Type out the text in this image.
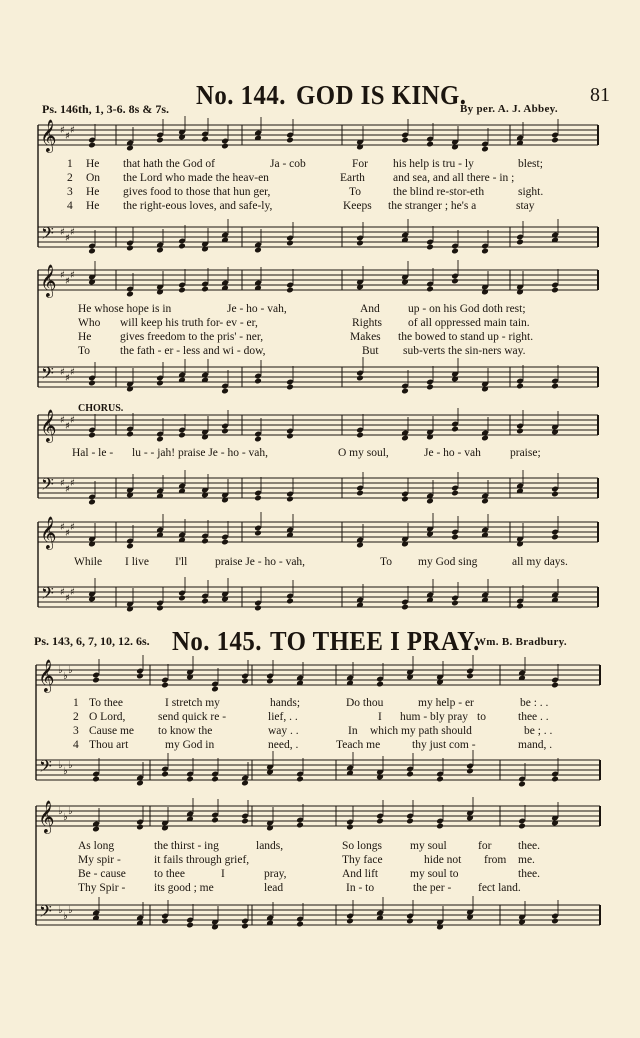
81
No. 144. GOD IS KING.
Ps. 146th, 1, 3-6. 8s & 7s.	By per. A. J. Abbey.
𝄞
𝄢
♯
♯
♯
♯
♯
♯
𝄞
𝄢
♯
♯
♯
♯
♯
♯
𝄞
𝄢
♯
♯
♯
♯
♯
♯
𝄞
𝄢
♯
♯
♯
♯
♯
♯
𝄞
𝄢
♭
♭
♭
♭
♭
♭
𝄞
𝄢
♭
♭
♭
♭
♭
♭
1
2
3
4
He that hath the God of	Ja - cob	For his help is tru - ly	blest;
On the Lord who made the heav-en	Earth and sea, and all there - in ;
He gives food to those that hun ger,	To	the blind re-stor-eth	sight.
He the right-eous loves, and safe-ly,	Keeps the stranger ; he's a	stay
He whose hope is in	Je - ho - vah,	And up - on his God doth rest;
Who will keep his truth for- ev - er,	Rights of all oppressed main tain.
He gives freedom to the pris' - ner,	Makes the bowed to stand up - right.
To	the fath - er - less and wi - dow,	But sub-verts the sin-ners way.
CHORUS.
Hal - le - lu - - jah! praise Je - ho - vah,	O my soul,	Je - ho - vah	praise;
While I live I'll praise Je - ho - vah,	To my God sing	all my days.
Ps. 143, 6, 7, 10, 12. 6s. No. 145. TO THEE I PRAY.
Wm. B. Bradbury.
1
2
3
4
To thee	I stretch my	hands;	Do thou	my help - er	be : . .
O Lord,	send quick re -	lief, . .	I hum - bly pray to	thee . .
Cause me to know the	way . .	In which my path should	be ; . .
Thou art	my God in	need, .	Teach me	thy just com -	mand, .
As long	the thirst - ing	lands,	So longs my soul	for thee.
My spir -	it fails through grief,	Thy face	hide not from me.
Be - cause to thee	I	pray,	And lift	my soul to	thee.
Thy Spir - its good ; me	lead	In - to	the per - fect land.
